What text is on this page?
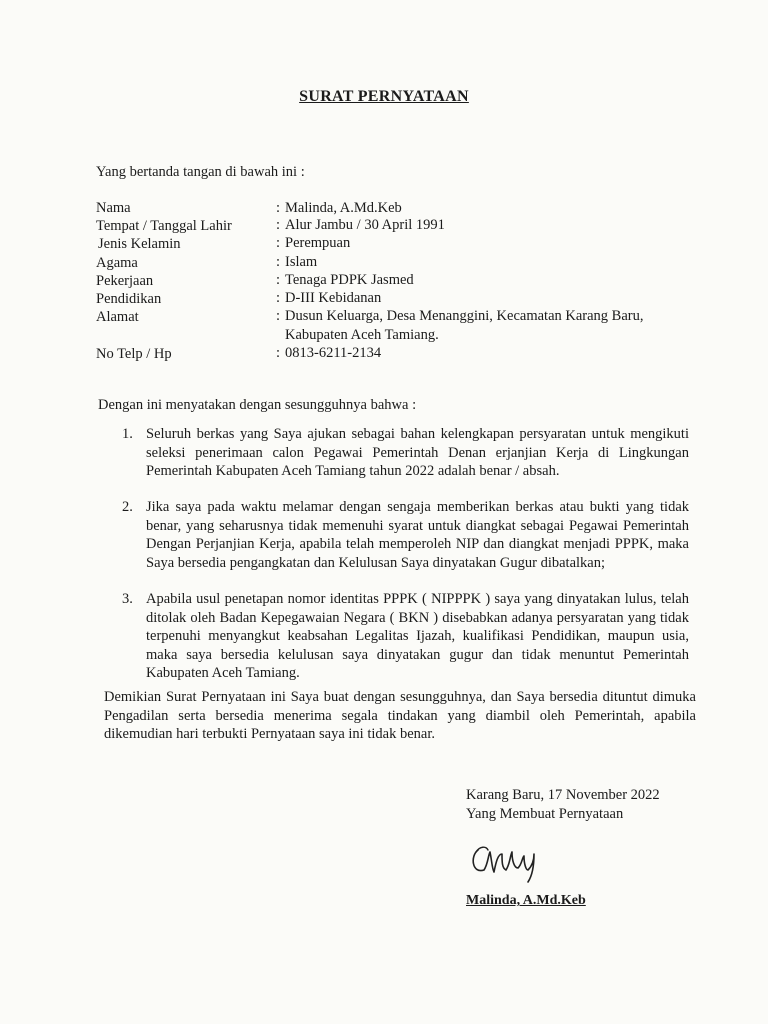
SURAT PERNYATAAN
Yang bertanda tangan di bawah ini :
Nama	: Malinda, A.Md.Keb
Tempat / Tanggal Lahir	: Alur Jambu / 30 April 1991
Jenis Kelamin	: Perempuan
Agama	: Islam
Pekerjaan	: Tenaga PDPK Jasmed
Pendidikan	: D-III Kebidanan
Alamat	: Dusun Keluarga, Desa Menanggini, Kecamatan Karang Baru, Kabupaten Aceh Tamiang.
No Telp / Hp	: 0813-6211-2134
Dengan ini menyatakan dengan sesungguhnya bahwa :
1. Seluruh berkas yang Saya ajukan sebagai bahan kelengkapan persyaratan untuk mengikuti seleksi penerimaan calon Pegawai Pemerintah Denan erjanjian Kerja di Lingkungan Pemerintah Kabupaten Aceh Tamiang tahun 2022 adalah benar / absah.
2. Jika saya pada waktu melamar dengan sengaja memberikan berkas atau bukti yang tidak benar, yang seharusnya tidak memenuhi syarat untuk diangkat sebagai Pegawai Pemerintah Dengan Perjanjian Kerja, apabila telah memperoleh NIP dan diangkat menjadi PPPK, maka Saya bersedia pengangkatan dan Kelulusan Saya dinyatakan Gugur dibatalkan;
3. Apabila usul penetapan nomor identitas PPPK ( NIPPPK ) saya yang dinyatakan lulus, telah ditolak oleh Badan Kepegawaian Negara ( BKN ) disebabkan adanya persyaratan yang tidak terpenuhi menyangkut keabsahan Legalitas Ijazah, kualifikasi Pendidikan, maupun usia, maka saya bersedia kelulusan saya dinyatakan gugur dan tidak menuntut Pemerintah Kabupaten Aceh Tamiang.
Demikian Surat Pernyataan ini Saya buat dengan sesungguhnya, dan Saya bersedia dituntut dimuka Pengadilan serta bersedia menerima segala tindakan yang diambil oleh Pemerintah, apabila dikemudian hari terbukti Pernyataan saya ini tidak benar.
Karang Baru, 17 November 2022
Yang Membuat Pernyataan
Malinda, A.Md.Keb
